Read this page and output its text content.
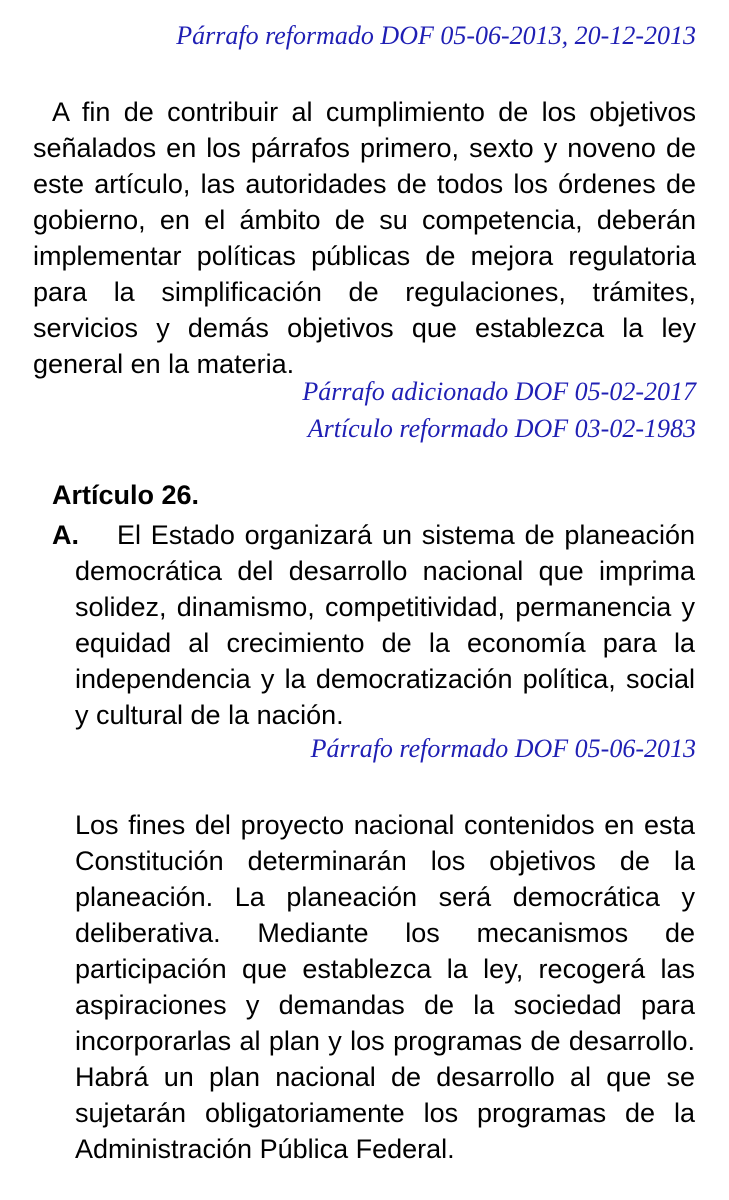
Párrafo reformado DOF 05-06-2013, 20-12-2013

A fin de contribuir al cumplimiento de los objetivos señalados en los párrafos primero, sexto y noveno de este artículo, las autoridades de todos los órdenes de gobierno, en el ámbito de su competencia, deberán implementar políticas públicas de mejora regulatoria para la simplificación de regulaciones, trámites, servicios y demás objetivos que establezca la ley general en la materia.

Párrafo adicionado DOF 05-02-2017
Artículo reformado DOF 03-02-1983
Artículo 26.
A.	El Estado organizará un sistema de planeación democrática del desarrollo nacional que imprima solidez, dinamismo, competitividad, permanencia y equidad al crecimiento de la economía para la independencia y la democratización política, social y cultural de la nación.

Párrafo reformado DOF 05-06-2013

Los fines del proyecto nacional contenidos en esta Constitución determinarán los objetivos de la planeación. La planeación será democrática y deliberativa. Mediante los mecanismos de participación que establezca la ley, recogerá las aspiraciones y demandas de la sociedad para incorporarlas al plan y los programas de desarrollo. Habrá un plan nacional de desarrollo al que se sujetarán obligatoriamente los programas de la Administración Pública Federal.
